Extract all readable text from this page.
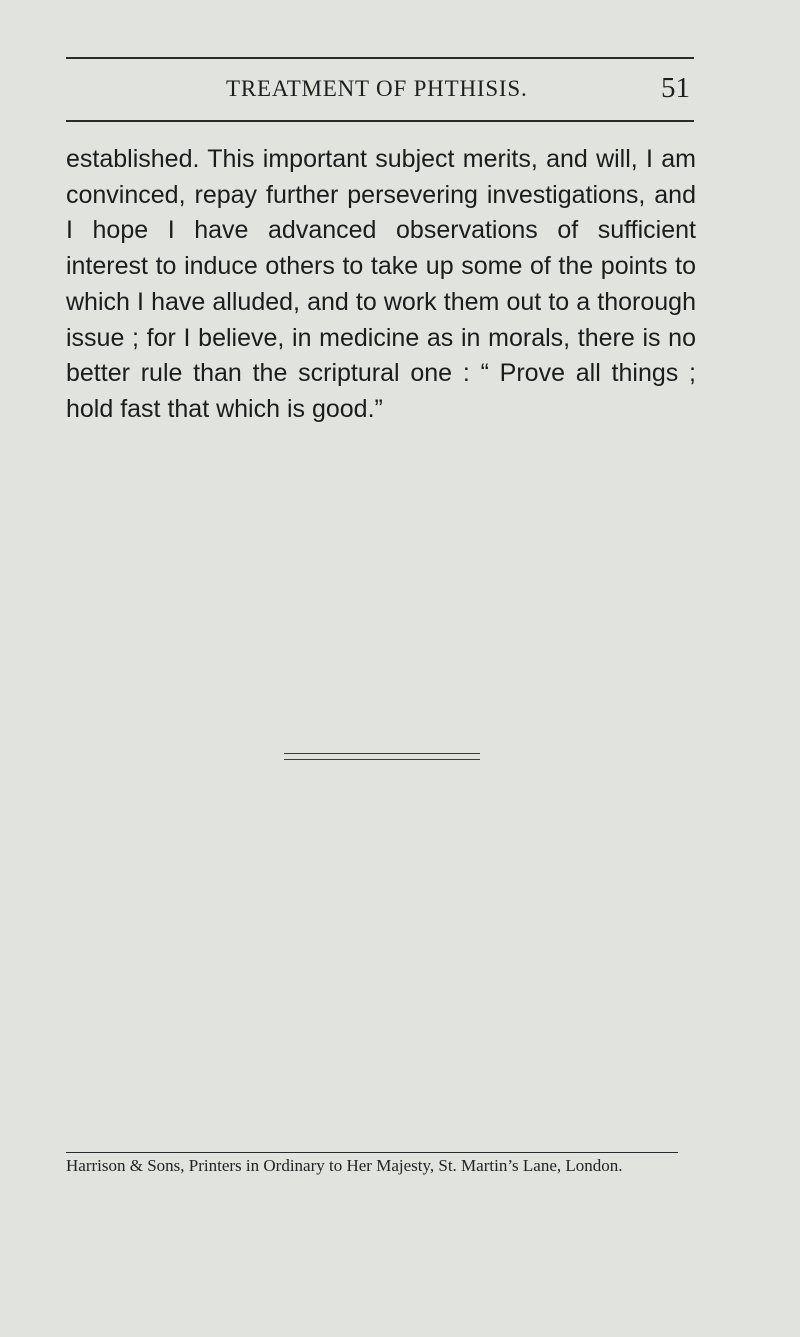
TREATMENT OF PHTHISIS.	51

established. This important subject merits, and will, I am convinced, repay further persevering investigations, and I hope I have advanced observations of sufficient interest to induce others to take up some of the points to which I have alluded, and to work them out to a thorough issue ; for I believe, in medicine as in morals, there is no better rule than the scriptural one : “ Prove all things ; hold fast that which is good.”

Harrison & Sons, Printers in Ordinary to Her Majesty, St. Martin’s Lane, London.
